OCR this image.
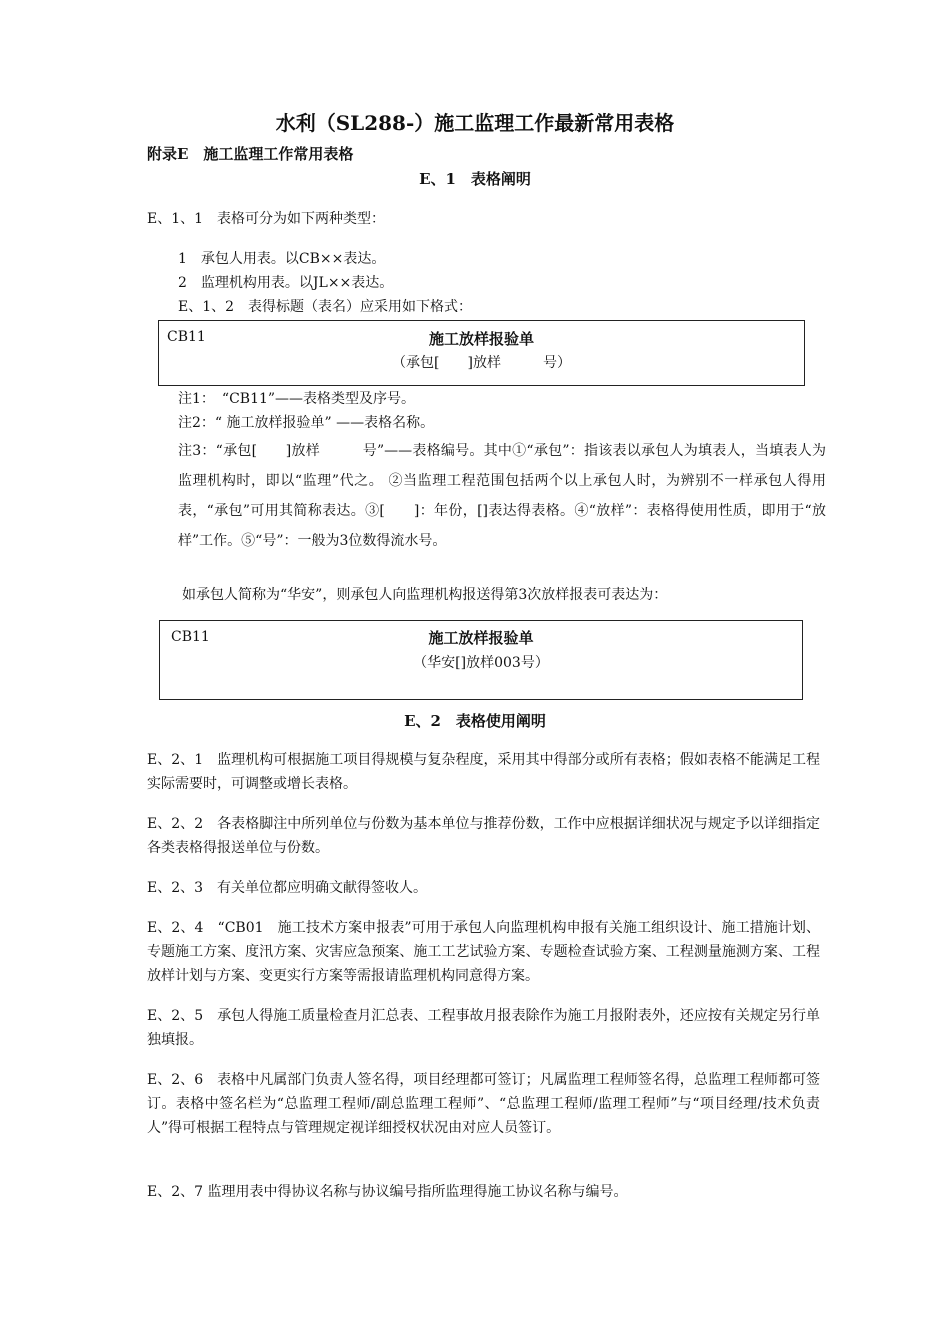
水利（SL288-）施工监理工作最新常用表格
附录E　施工监理工作常用表格
E、1　表格阐明
E、1、1　表格可分为如下两种类型：
1　承包人用表。以CB××表达。
2　监理机构用表。以JL××表达。
E、1、2　表得标题（表名）应采用如下格式：
CB11	施工放样报验单
（承包[　　]放样　　　号）
注1：　“CB11”——表格类型及序号。
注2：“ 施工放样报验单” ——表格名称。
注3：“承包[　　]放样　　　号”——表格编号。其中①“承包”：指该表以承包人为填表人，当填表人为监理机构时，即以“监理”代之。 ②当监理工程范围包括两个以上承包人时，为辨别不一样承包人得用表，“承包”可用其简称表达。③[　　]：年份，[]表达得表格。④“放样”：表格得使用性质，即用于“放样”工作。⑤“号”：一般为3位数得流水号。
如承包人简称为“华安”，则承包人向监理机构报送得第3次放样报表可表达为：
CB11	施工放样报验单
（华安[]放样003号）
E、2　表格使用阐明
E、2、1　监理机构可根据施工项目得规模与复杂程度，采用其中得部分或所有表格；假如表格不能满足工程实际需要时，可调整或增长表格。
E、2、2　各表格脚注中所列单位与份数为基本单位与推荐份数，工作中应根据详细状况与规定予以详细指定各类表格得报送单位与份数。
E、2、3　有关单位都应明确文献得签收人。
E、2、4　“CB01　施工技术方案申报表”可用于承包人向监理机构申报有关施工组织设计、施工措施计划、专题施工方案、度汛方案、灾害应急预案、施工工艺试验方案、专题检查试验方案、工程测量施测方案、工程放样计划与方案、变更实行方案等需报请监理机构同意得方案。
E、2、5　承包人得施工质量检查月汇总表、工程事故月报表除作为施工月报附表外，还应按有关规定另行单独填报。
E、2、6　表格中凡属部门负责人签名得，项目经理都可签订；凡属监理工程师签名得，总监理工程师都可签订。表格中签名栏为“总监理工程师/副总监理工程师”、“总监理工程师/监理工程师”与“项目经理/技术负责人”得可根据工程特点与管理规定视详细授权状况由对应人员签订。
E、2、7 监理用表中得协议名称与协议编号指所监理得施工协议名称与编号。
